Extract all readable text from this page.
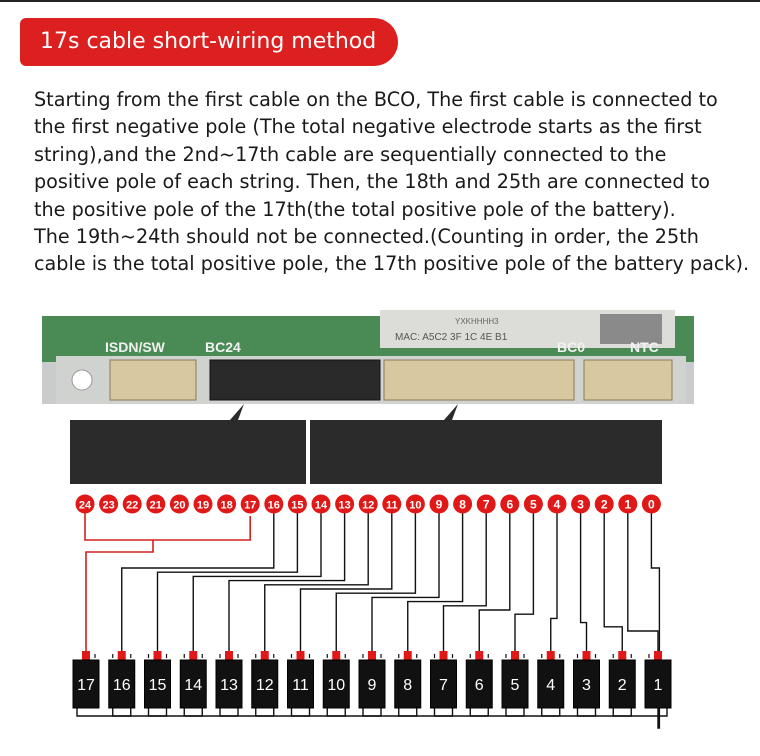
17s cable short-wiring method

Starting from the first cable on the BCO, The first cable is connected to

the first negative pole (The total negative electrode starts as the first

string),and the 2nd~17th cable are sequentially connected to the

positive pole of each string. Then, the 18th and 25th are connected to

the positive pole of the 17th(the total positive pole of the battery).

The 19th~24th should not be connected.(Counting in order, the 25th

cable is the total positive pole, the 17th positive pole of the battery pack).

YXKHHHH3
MAC: A5C2 3F 1C 4E B1
ISDN/SW	BC24	BC0	NTC
24 23 22 21 20 19 18 17 16 15 14 13 12 11 10 9 8 7 6 5 4 3 2 1 0
17 16 15 14 13 12 11 10 9 8 7 6 5 4 3 2 1
